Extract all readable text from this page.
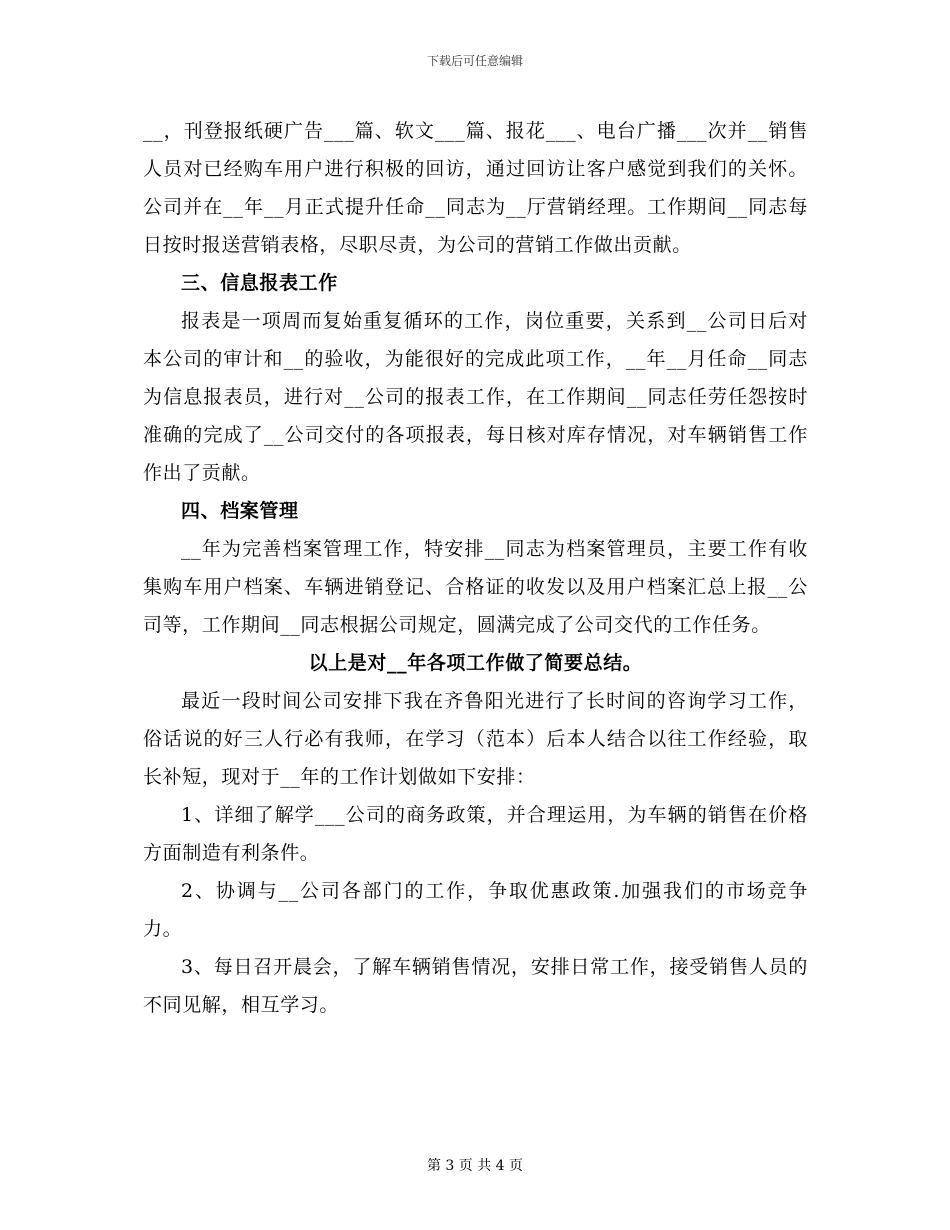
下载后可任意编辑

__，刊登报纸硬广告___篇、软文___篇、报花___、电台广播___次并__销售人员对已经购车用户进行积极的回访，通过回访让客户感觉到我们的关怀。公司并在__年__月正式提升任命__同志为__厅营销经理。工作期间__同志每日按时报送营销表格，尽职尽责，为公司的营销工作做出贡献。

三、信息报表工作

报表是一项周而复始重复循环的工作，岗位重要，关系到__公司日后对本公司的审计和__的验收，为能很好的完成此项工作，__年__月任命__同志为信息报表员，进行对__公司的报表工作，在工作期间__同志任劳任怨按时准确的完成了__公司交付的各项报表，每日核对库存情况，对车辆销售工作作出了贡献。

四、档案管理

__年为完善档案管理工作，特安排__同志为档案管理员，主要工作有收集购车用户档案、车辆进销登记、合格证的收发以及用户档案汇总上报__公司等，工作期间__同志根据公司规定，圆满完成了公司交代的工作任务。

以上是对__年各项工作做了简要总结。

最近一段时间公司安排下我在齐鲁阳光进行了长时间的咨询学习工作，俗话说的好三人行必有我师，在学习（范本）后本人结合以往工作经验，取长补短，现对于__年的工作计划做如下安排：

1、详细了解学___公司的商务政策，并合理运用，为车辆的销售在价格方面制造有利条件。

2、协调与__公司各部门的工作，争取优惠政策.加强我们的市场竞争力。

3、每日召开晨会，了解车辆销售情况，安排日常工作，接受销售人员的不同见解，相互学习。

第 3 页 共 4 页
